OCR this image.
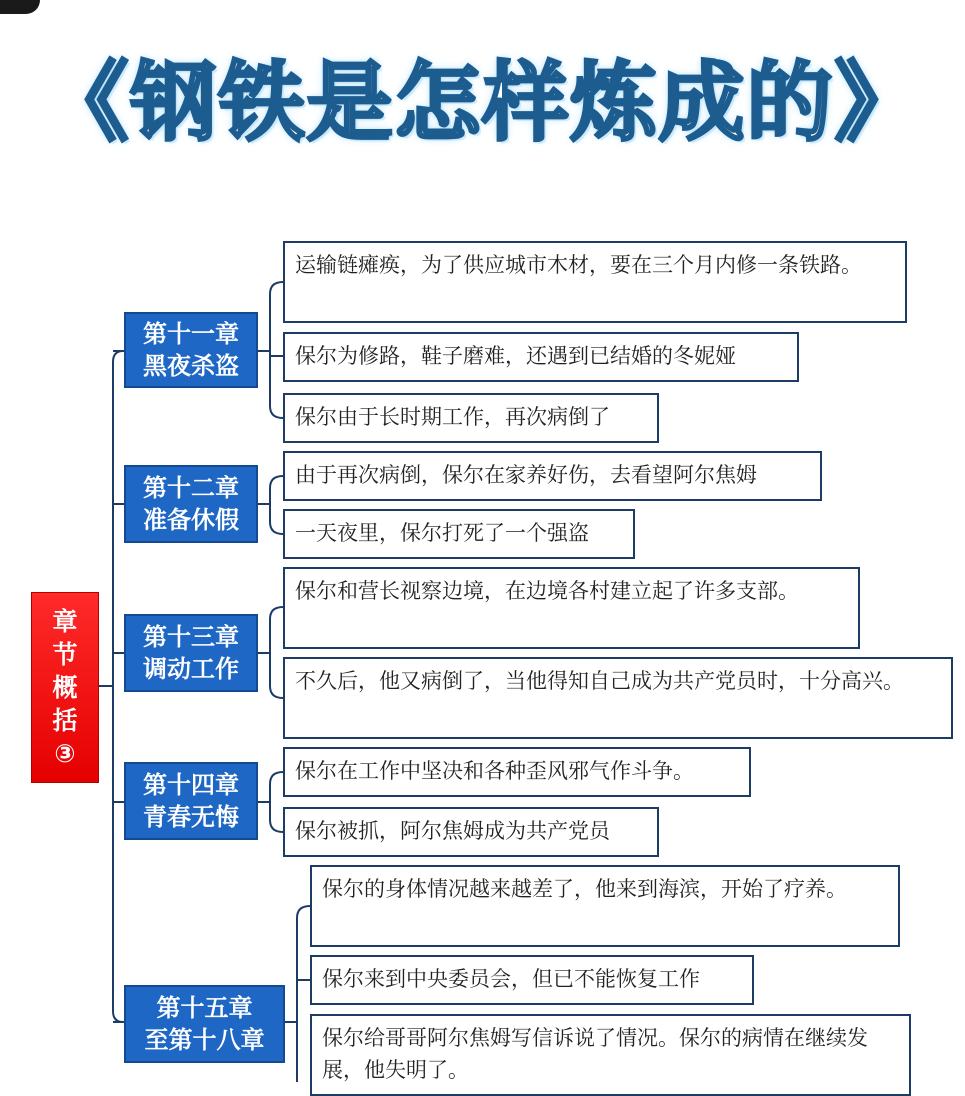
《钢铁是怎样炼成的》
章
节
概
括
③
第十一章
黑夜杀盗
运输链瘫痪，为了供应城市木材，要在三个月内修一条铁路。
保尔为修路，鞋子磨难，还遇到已结婚的冬妮娅
保尔由于长时期工作，再次病倒了
第十二章
准备休假
由于再次病倒，保尔在家养好伤，去看望阿尔焦姆
一天夜里，保尔打死了一个强盗
第十三章
调动工作
保尔和营长视察边境，在边境各村建立起了许多支部。
不久后，他又病倒了，当他得知自己成为共产党员时，十分高兴。
第十四章
青春无悔
保尔在工作中坚决和各种歪风邪气作斗争。
保尔被抓，阿尔焦姆成为共产党员
第十五章
至第十八章
保尔的身体情况越来越差了，他来到海滨，开始了疗养。
保尔来到中央委员会，但已不能恢复工作
保尔给哥哥阿尔焦姆写信诉说了情况。保尔的病情在继续发展，他失明了。
